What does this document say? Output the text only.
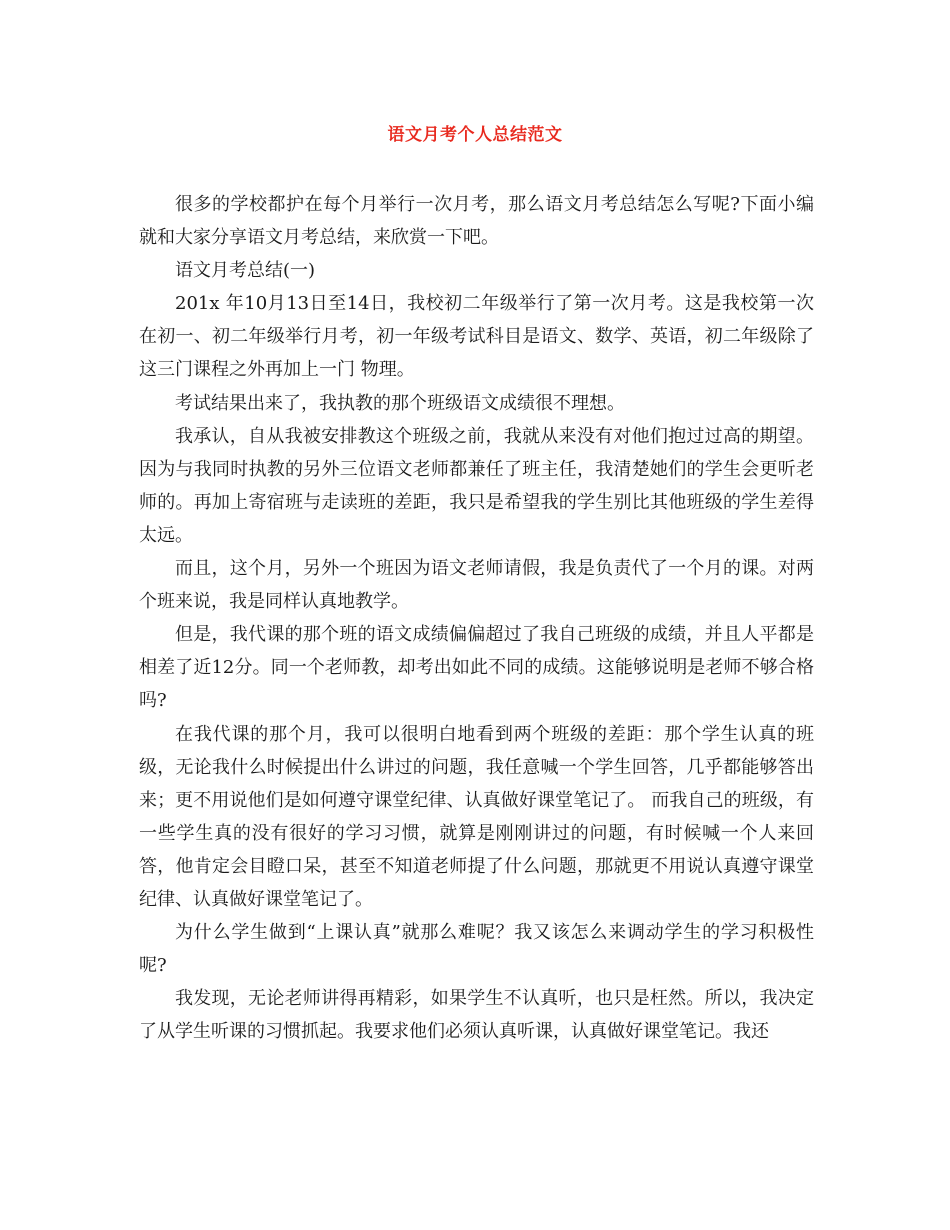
语文月考个人总结范文

很多的学校都护在每个月举行一次月考，那么语文月考总结怎么写呢?下面小编就和大家分享语文月考总结，来欣赏一下吧。

语文月考总结(一)

201x 年10月13日至14日，我校初二年级举行了第一次月考。这是我校第一次在初一、初二年级举行月考，初一年级考试科目是语文、数学、英语，初二年级除了这三门课程之外再加上一门 物理。

考试结果出来了，我执教的那个班级语文成绩很不理想。

我承认，自从我被安排教这个班级之前，我就从来没有对他们抱过过高的期望。因为与我同时执教的另外三位语文老师都兼任了班主任，我清楚她们的学生会更听老师的。再加上寄宿班与走读班的差距，我只是希望我的学生别比其他班级的学生差得太远。

而且，这个月，另外一个班因为语文老师请假，我是负责代了一个月的课。对两个班来说，我是同样认真地教学。

但是，我代课的那个班的语文成绩偏偏超过了我自己班级的成绩，并且人平都是相差了近12分。同一个老师教，却考出如此不同的成绩。这能够说明是老师不够合格吗?

在我代课的那个月，我可以很明白地看到两个班级的差距：那个学生认真的班级，无论我什么时候提出什么讲过的问题，我任意喊一个学生回答，几乎都能够答出来；更不用说他们是如何遵守课堂纪律、认真做好课堂笔记了。 而我自己的班级，有一些学生真的没有很好的学习习惯，就算是刚刚讲过的问题，有时候喊一个人来回答，他肯定会目瞪口呆，甚至不知道老师提了什么问题，那就更不用说认真遵守课堂纪律、认真做好课堂笔记了。

为什么学生做到“上课认真”就那么难呢？我又该怎么来调动学生的学习积极性呢?

我发现，无论老师讲得再精彩，如果学生不认真听，也只是枉然。所以，我决定了从学生听课的习惯抓起。我要求他们必须认真听课，认真做好课堂笔记。我还
